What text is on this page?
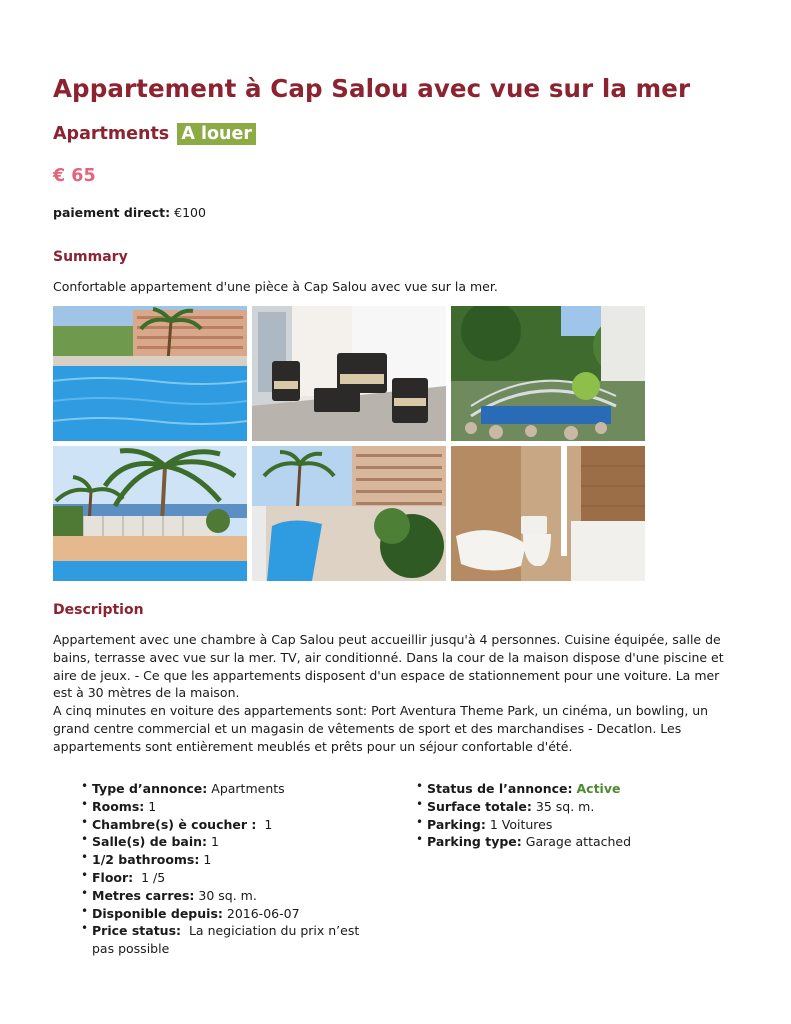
Appartement à Cap Salou avec vue sur la mer
Apartments A louer
€ 65
paiement direct: €100
Summary
Confortable appartement d'une pièce à Cap Salou avec vue sur la mer.
Description

Appartement avec une chambre à Cap Salou peut accueillir jusqu'à 4 personnes. Cuisine équipée, salle de bains, terrasse avec vue sur la mer. TV, air conditionné. Dans la cour de la maison dispose d'une piscine et aire de jeux. - Ce que les appartements disposent d'un espace de stationnement pour une voiture. La mer est à 30 mètres de la maison.

A cinq minutes en voiture des appartements sont: Port Aventura Theme Park, un cinéma, un bowling, un grand centre commercial et un magasin de vêtements de sport et des marchandises - Decatlon. Les appartements sont entièrement meublés et prêts pour un séjour confortable d'été.

• Type d’annonce: Apartments
• Rooms: 1
• Chambre(s) è coucher : 1
• Salle(s) de bain: 1
• 1/2 bathrooms: 1
• Floor: 1 /5
• Metres carres: 30 sq. m.
• Disponible depuis: 2016-06-07
• Price status: La negiciation du prix n’est pas possible
• Status de l’annonce: Active
• Surface totale: 35 sq. m.
• Parking: 1 Voitures
• Parking type: Garage attached
